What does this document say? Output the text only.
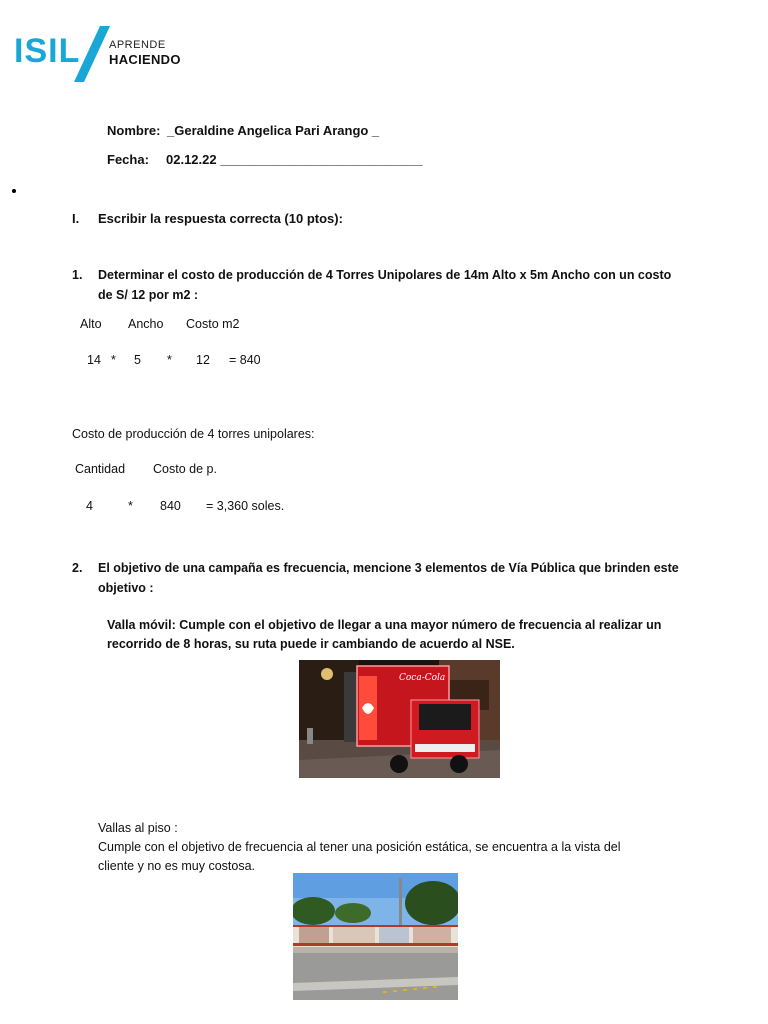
ISIL	APRENDE
HACIENDO
Nombre: _Geraldine Angelica Pari Arango _
Fecha: 02.12.22 ____________________________
I. Escribir la respuesta correcta (10 ptos):
1. Determinar el costo de producción de 4 Torres Unipolares de 14m Alto x 5m Ancho con un costo
de S/ 12 por m2 :
Alto Ancho Costo m2
14 * 5 * 12 = 840
Costo de producción de 4 torres unipolares:
Cantidad Costo de p.
4	* 840 = 3,360 soles.
2. El objetivo de una campaña es frecuencia, mencione 3 elementos de Vía Pública que brinden este
objetivo :
Valla móvil: Cumple con el objetivo de llegar a una mayor número de frecuencia al realizar un
recorrido de 8 horas, su ruta puede ir cambiando de acuerdo al NSE.
Coca-Cola
Vallas al piso :
Cumple con el objetivo de frecuencia al tener una posición estática, se encuentra a la vista del
cliente y no es muy costosa.
